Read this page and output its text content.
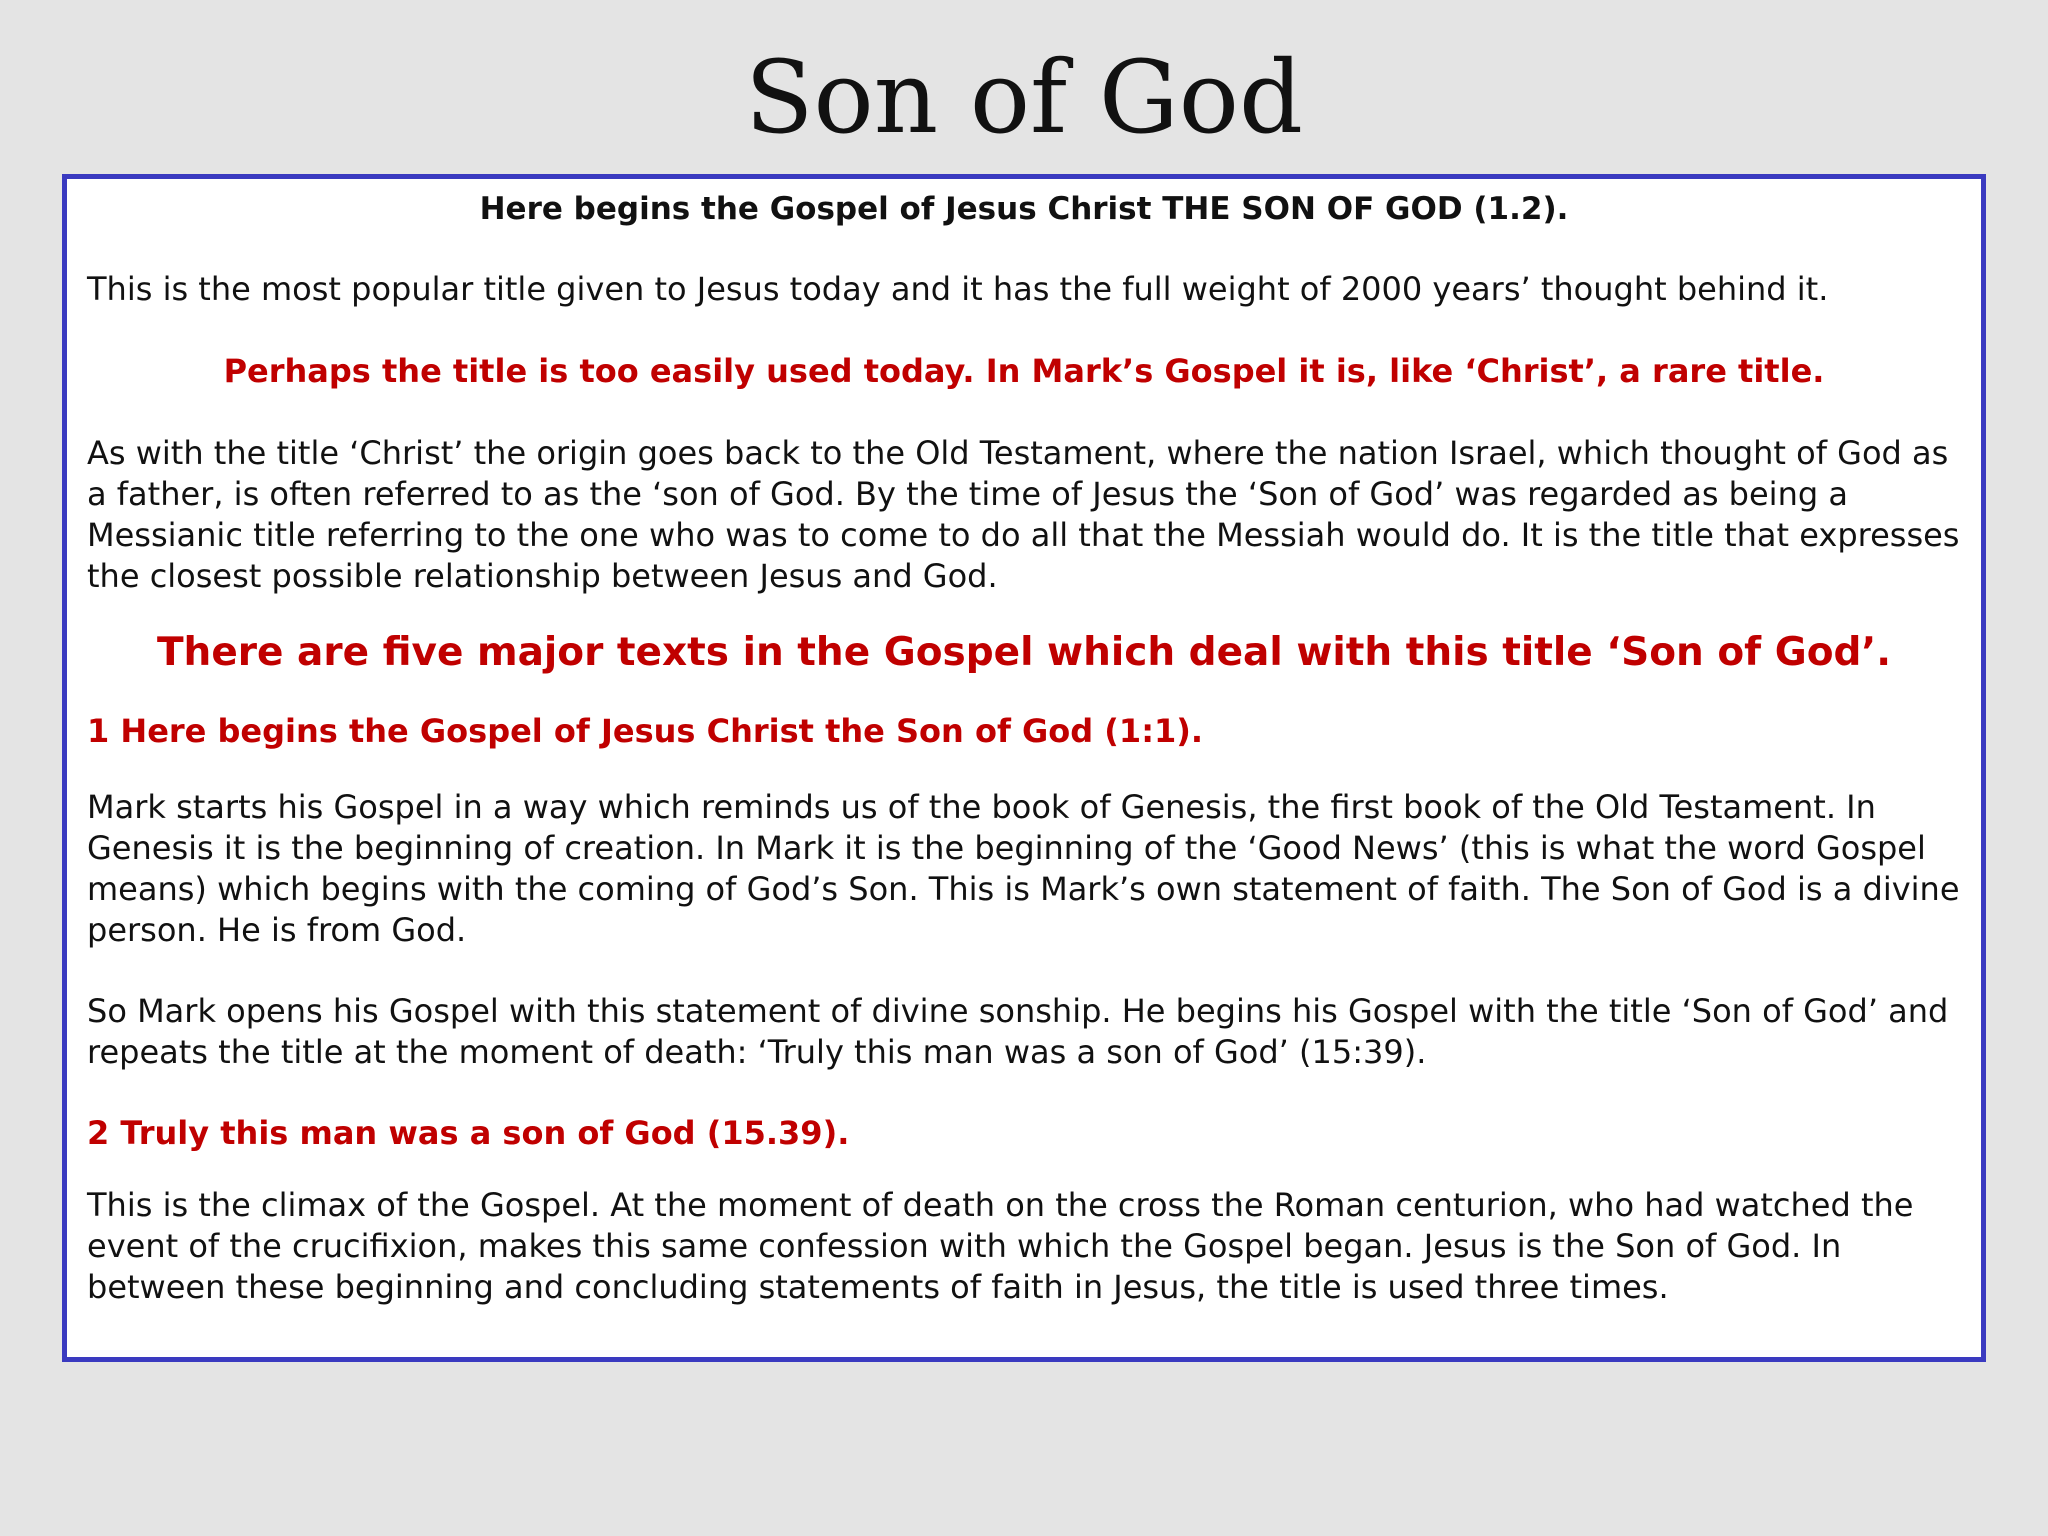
Son of God

Here begins the Gospel of Jesus Christ THE SON OF GOD (1.2).

This is the most popular title given to Jesus today and it has the full weight of 2000 years’ thought behind it.

Perhaps the title is too easily used today. In Mark’s Gospel it is, like ‘Christ’, a rare title.

As with the title ‘Christ’ the origin goes back to the Old Testament, where the nation Israel, which thought of God as a father, is often referred to as the ‘son of God. By the time of Jesus the ‘Son of God’ was regarded as being a Messianic title referring to the one who was to come to do all that the Messiah would do. It is the title that expresses the closest possible relationship between Jesus and God.

There are five major texts in the Gospel which deal with this title ‘Son of God’.

1 Here begins the Gospel of Jesus Christ the Son of God (1:1).

Mark starts his Gospel in a way which reminds us of the book of Genesis, the first book of the Old Testament. In Genesis it is the beginning of creation. In Mark it is the beginning of the ‘Good News’ (this is what the word Gospel means) which begins with the coming of God’s Son. This is Mark’s own statement of faith. The Son of God is a divine person. He is from God.

So Mark opens his Gospel with this statement of divine sonship. He begins his Gospel with the title ‘Son of God’ and repeats the title at the moment of death: ‘Truly this man was a son of God’ (15:39).

2 Truly this man was a son of God (15.39).

This is the climax of the Gospel. At the moment of death on the cross the Roman centurion, who had watched the event of the crucifixion, makes this same confession with which the Gospel began. Jesus is the Son of God. In between these beginning and concluding statements of faith in Jesus, the title is used three times.
